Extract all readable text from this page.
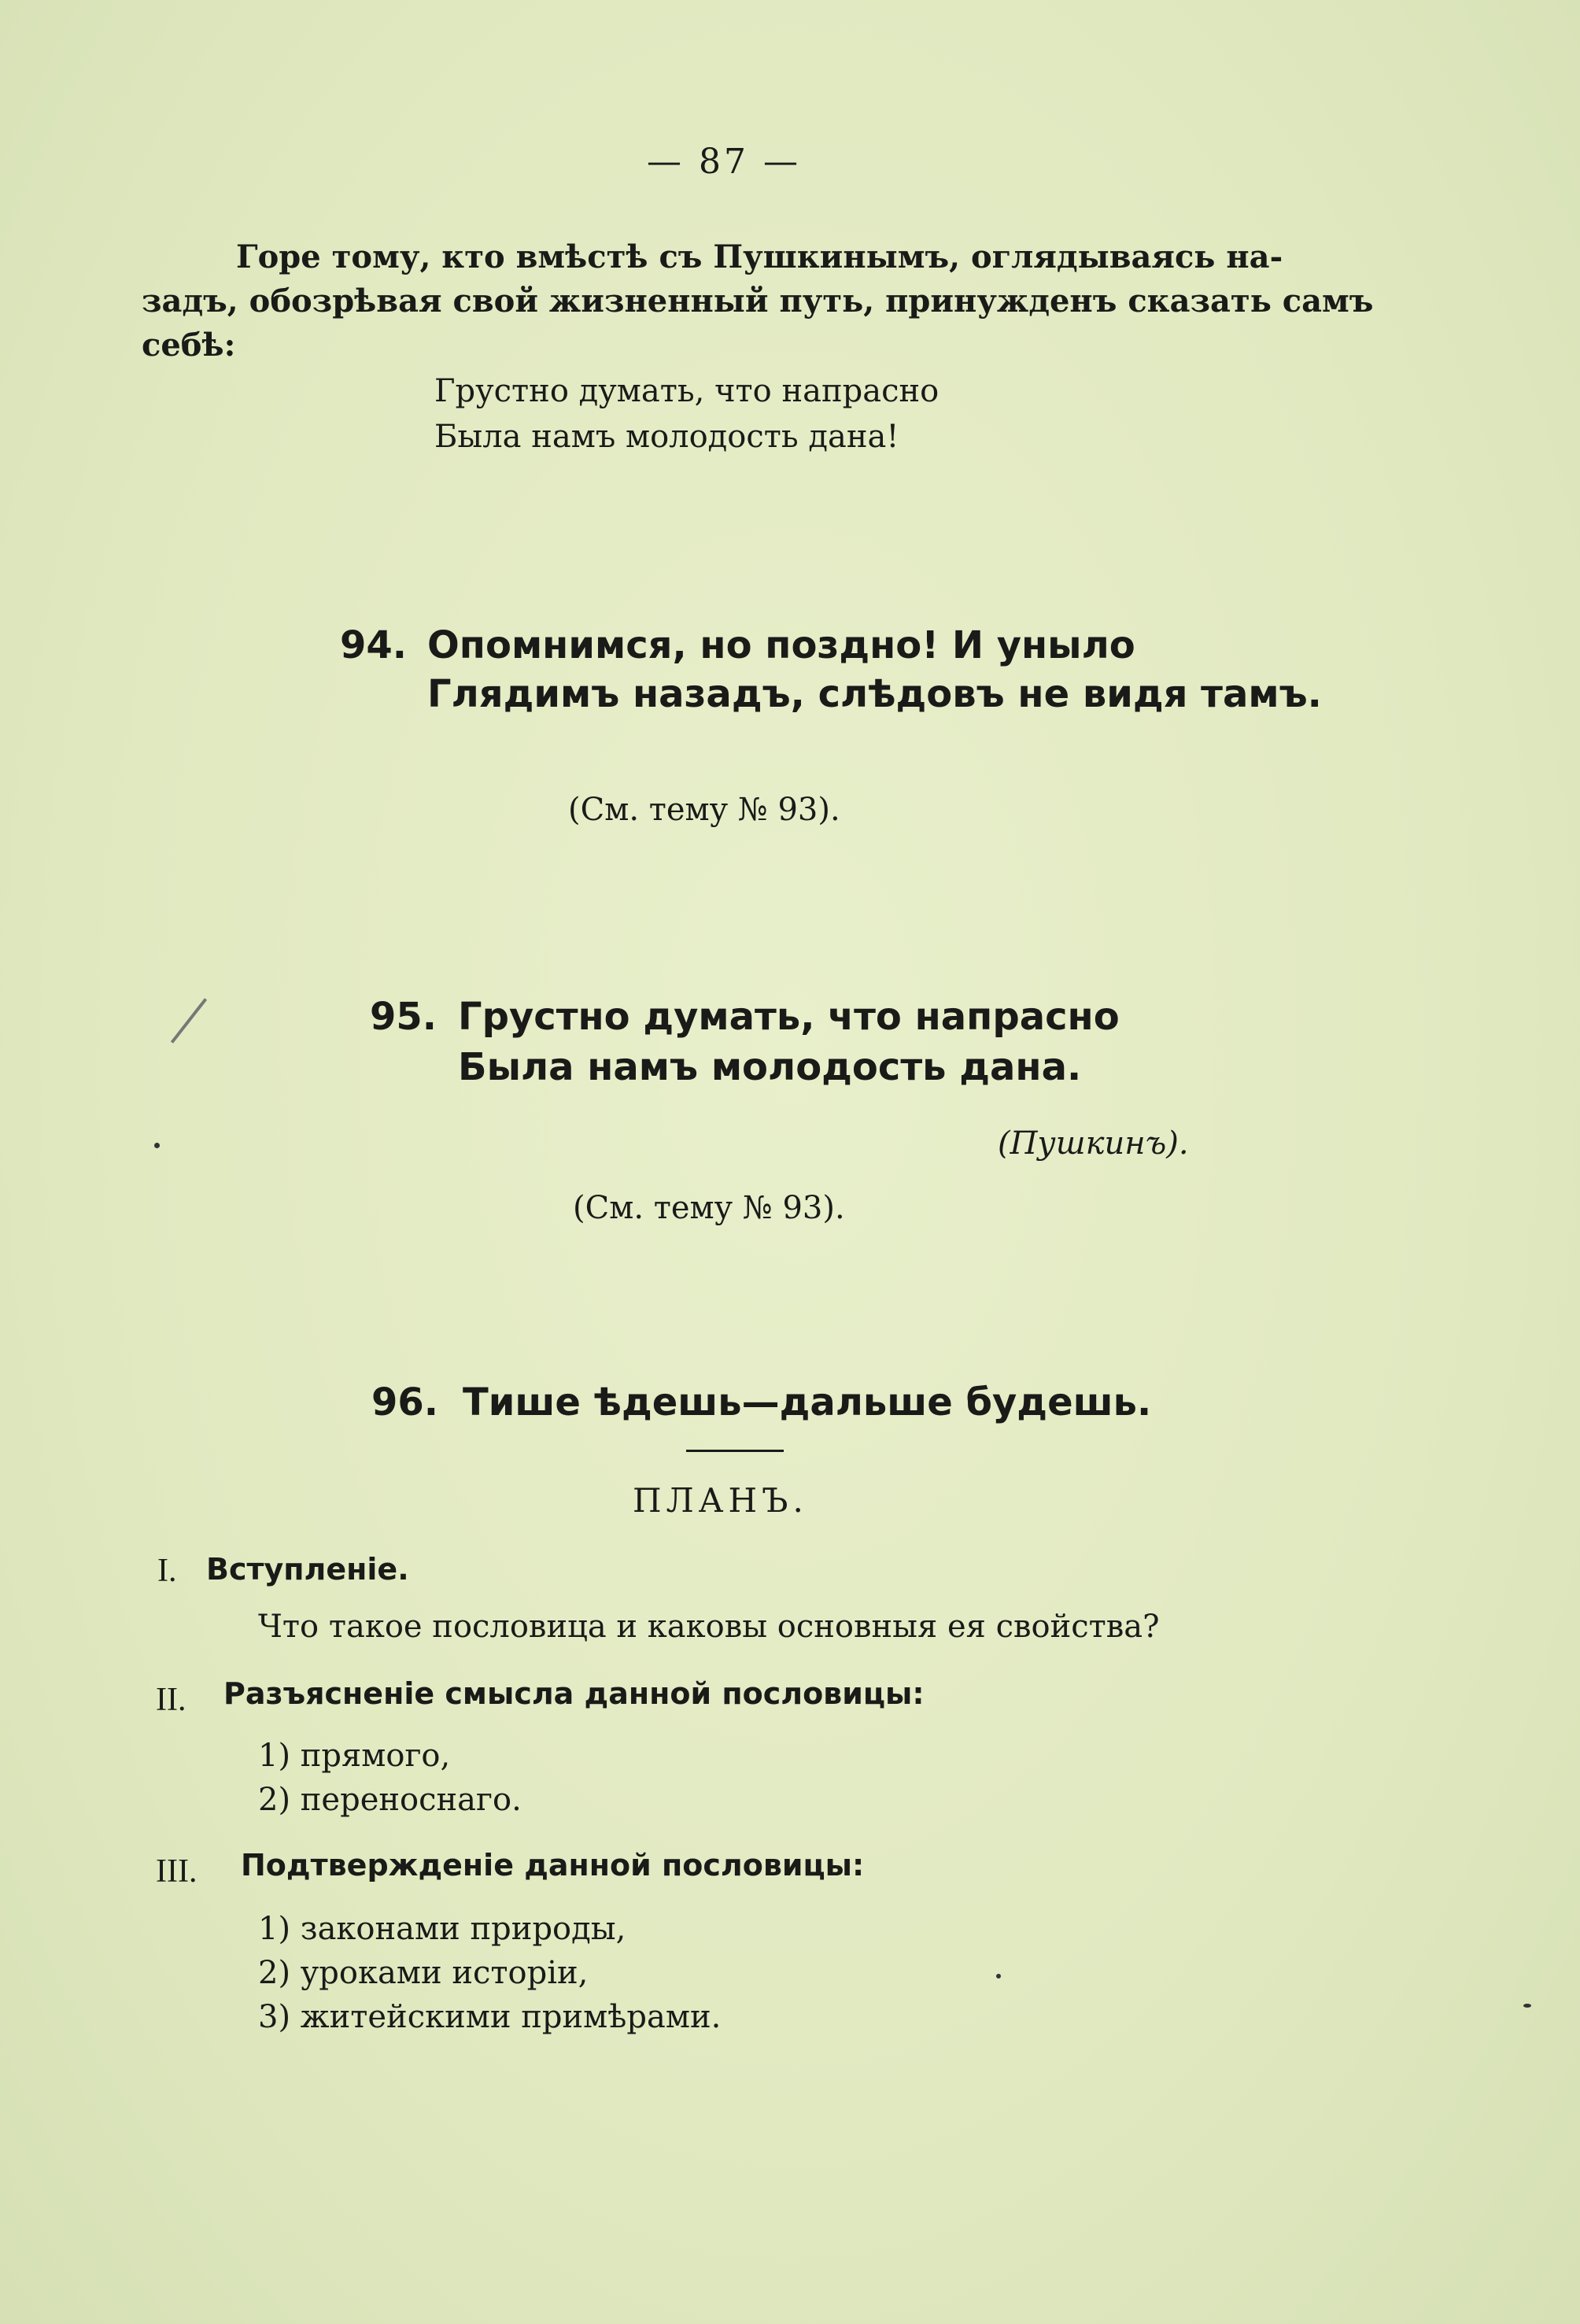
— 87 —
Горе тому, кто вмѣстѣ съ Пушкинымъ, оглядываясь на-
задъ, обозрѣвая свой жизненный путь, принужденъ сказать самъ
себѣ:
Грустно думать, что напрасно
Была намъ молодость дана!
94. Опомнимся, но поздно! И уныло
Глядимъ назадъ, слѣдовъ не видя тамъ.
(См. тему № 93).
95. Грустно думать, что напрасно
Была намъ молодость дана.
(Пушкинъ).
(См. тему № 93).
96. Тише ѣдешь—дальше будешь.
ПЛАНЪ.
I. Вступленіе.
Что такое пословица и каковы основныя ея свойства?
II. Разъясненіе смысла данной пословицы:
1) прямого,
2) переноснаго.
III. Подтвержденіе данной пословицы:
1) законами природы,
2) уроками исторіи,
3) житейскими примѣрами.
